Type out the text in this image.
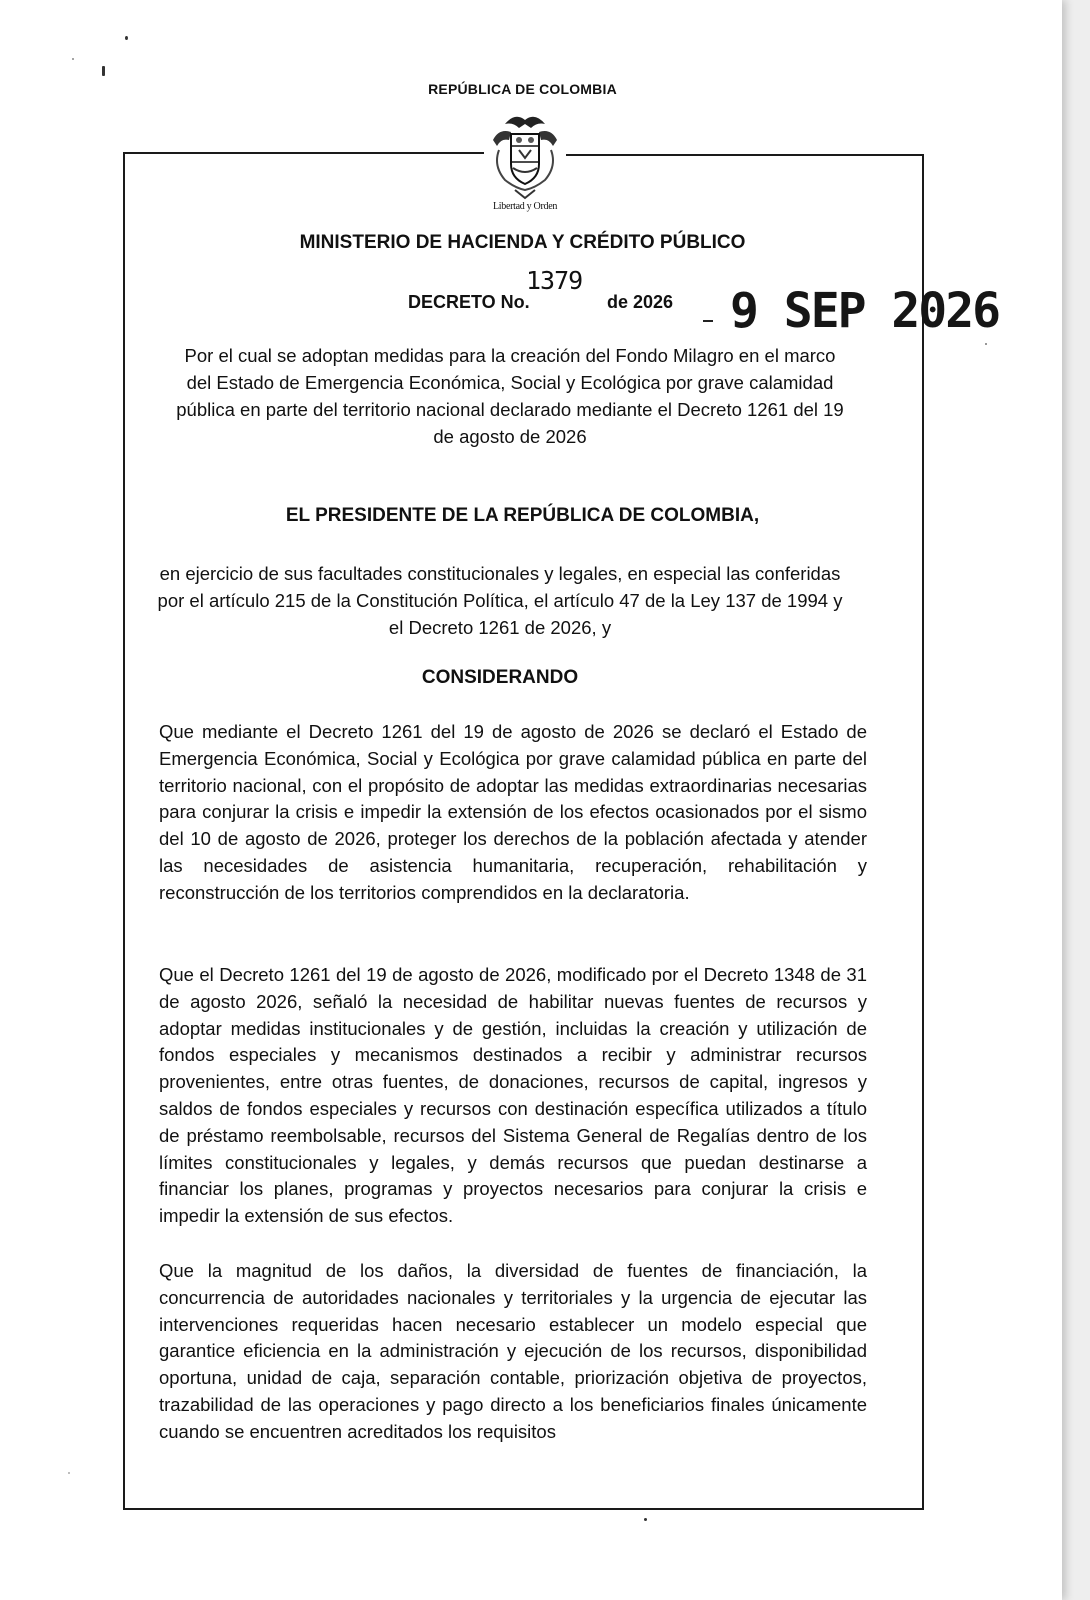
REPÚBLICA DE COLOMBIA
Libertad y Orden
MINISTERIO DE HACIENDA Y CRÉDITO PÚBLICO
DECRETO No.
1379
de 2026 9 SEP 2026
Por el cual se adoptan medidas para la creación del Fondo Milagro en el marco del Estado de Emergencia Económica, Social y Ecológica por grave calamidad pública en parte del territorio nacional declarado mediante el Decreto 1261 del 19 de agosto de 2026
EL PRESIDENTE DE LA REPÚBLICA DE COLOMBIA,
en ejercicio de sus facultades constitucionales y legales, en especial las conferidas por el artículo 215 de la Constitución Política, el artículo 47 de la Ley 137 de 1994 y el Decreto 1261 de 2026, y
CONSIDERANDO
Que mediante el Decreto 1261 del 19 de agosto de 2026 se declaró el Estado de Emergencia Económica, Social y Ecológica por grave calamidad pública en parte del territorio nacional, con el propósito de adoptar las medidas extraordinarias necesarias para conjurar la crisis e impedir la extensión de los efectos ocasionados por el sismo del 10 de agosto de 2026, proteger los derechos de la población afectada y atender las necesidades de asistencia humanitaria, recuperación, rehabilitación y reconstrucción de los territorios comprendidos en la declaratoria.
Que el Decreto 1261 del 19 de agosto de 2026, modificado por el Decreto 1348 de 31 de agosto 2026, señaló la necesidad de habilitar nuevas fuentes de recursos y adoptar medidas institucionales y de gestión, incluidas la creación y utilización de fondos especiales y mecanismos destinados a recibir y administrar recursos provenientes, entre otras fuentes, de donaciones, recursos de capital, ingresos y saldos de fondos especiales y recursos con destinación específica utilizados a título de préstamo reembolsable, recursos del Sistema General de Regalías dentro de los límites constitucionales y legales, y demás recursos que puedan destinarse a financiar los planes, programas y proyectos necesarios para conjurar la crisis e impedir la extensión de sus efectos.
Que la magnitud de los daños, la diversidad de fuentes de financiación, la concurrencia de autoridades nacionales y territoriales y la urgencia de ejecutar las intervenciones requeridas hacen necesario establecer un modelo especial que garantice eficiencia en la administración y ejecución de los recursos, disponibilidad oportuna, unidad de caja, separación contable, priorización objetiva de proyectos, trazabilidad de las operaciones y pago directo a los beneficiarios finales únicamente cuando se encuentren acreditados los requisitos
